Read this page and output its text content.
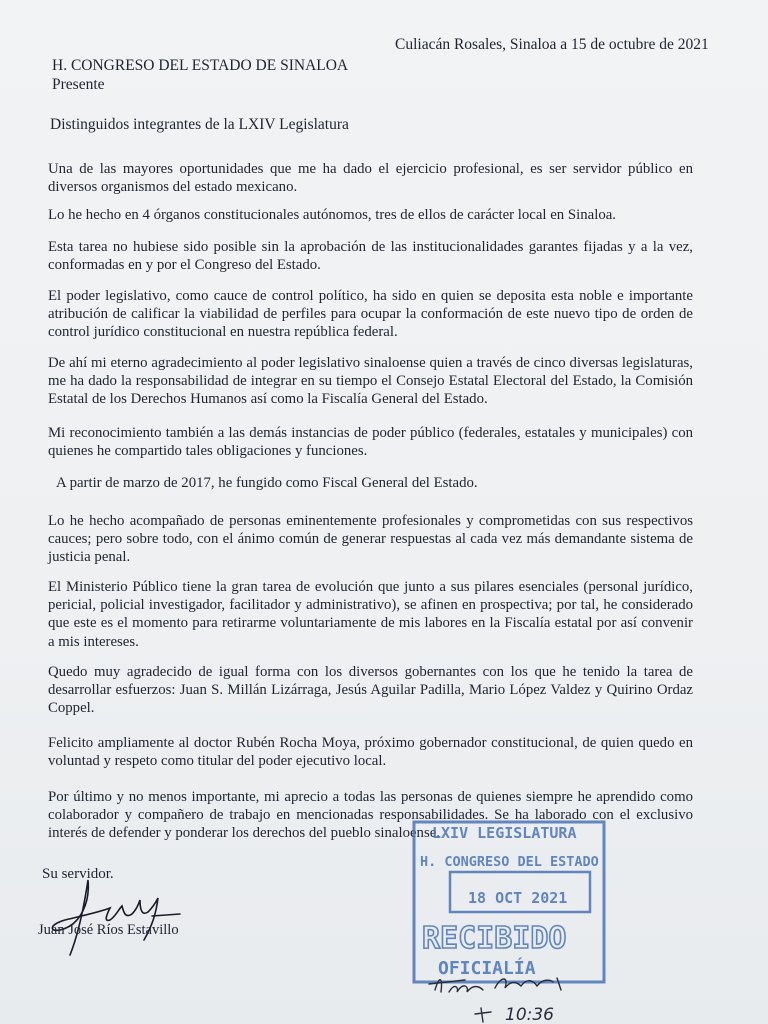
Culiacán Rosales, Sinaloa a 15 de octubre de 2021
H. CONGRESO DEL ESTADO DE SINALOA
Presente
Distinguidos integrantes de la LXIV Legislatura

Una de las mayores oportunidades que me ha dado el ejercicio profesional, es ser servidor público en diversos organismos del estado mexicano.

Lo he hecho en 4 órganos constitucionales autónomos, tres de ellos de carácter local en Sinaloa.

Esta tarea no hubiese sido posible sin la aprobación de las institucionalidades garantes fijadas y a la vez, conformadas en y por el Congreso del Estado.

El poder legislativo, como cauce de control político, ha sido en quien se deposita esta noble e importante atribución de calificar la viabilidad de perfiles para ocupar la conformación de este nuevo tipo de orden de control jurídico constitucional en nuestra república federal.

De ahí mi eterno agradecimiento al poder legislativo sinaloense quien a través de cinco diversas legislaturas, me ha dado la responsabilidad de integrar en su tiempo el Consejo Estatal Electoral del Estado, la Comisión Estatal de los Derechos Humanos así como la Fiscalía General del Estado.

Mi reconocimiento también a las demás instancias de poder público (federales, estatales y municipales) con quienes he compartido tales obligaciones y funciones.

A partir de marzo de 2017, he fungido como Fiscal General del Estado.

Lo he hecho acompañado de personas eminentemente profesionales y comprometidas con sus respectivos cauces; pero sobre todo, con el ánimo común de generar respuestas al cada vez más demandante sistema de justicia penal.

El Ministerio Público tiene la gran tarea de evolución que junto a sus pilares esenciales (personal jurídico, pericial, policial investigador, facilitador y administrativo), se afinen en prospectiva; por tal, he considerado que este es el momento para retirarme voluntariamente de mis labores en la Fiscalía estatal por así convenir a mis intereses.

Quedo muy agradecido de igual forma con los diversos gobernantes con los que he tenido la tarea de desarrollar esfuerzos: Juan S. Millán Lizárraga, Jesús Aguilar Padilla, Mario López Valdez y Quirino Ordaz Coppel.

Felicito ampliamente al doctor Rubén Rocha Moya, próximo gobernador constitucional, de quien quedo en voluntad y respeto como titular del poder ejecutivo local.

Por último y no menos importante, mi aprecio a todas las personas de quienes siempre he aprendido como colaborador y compañero de trabajo en mencionadas responsabilidades. Se ha laborado con el exclusivo interés de defender y ponderar los derechos del pueblo sinaloense.

LXIV LEGISLATURA
H. CONGRESO DEL ESTADO
18 OCT 2021
RECIBIDO
OFICIALÍA
Su servidor.
Juan José Ríos Estavillo
10:36
